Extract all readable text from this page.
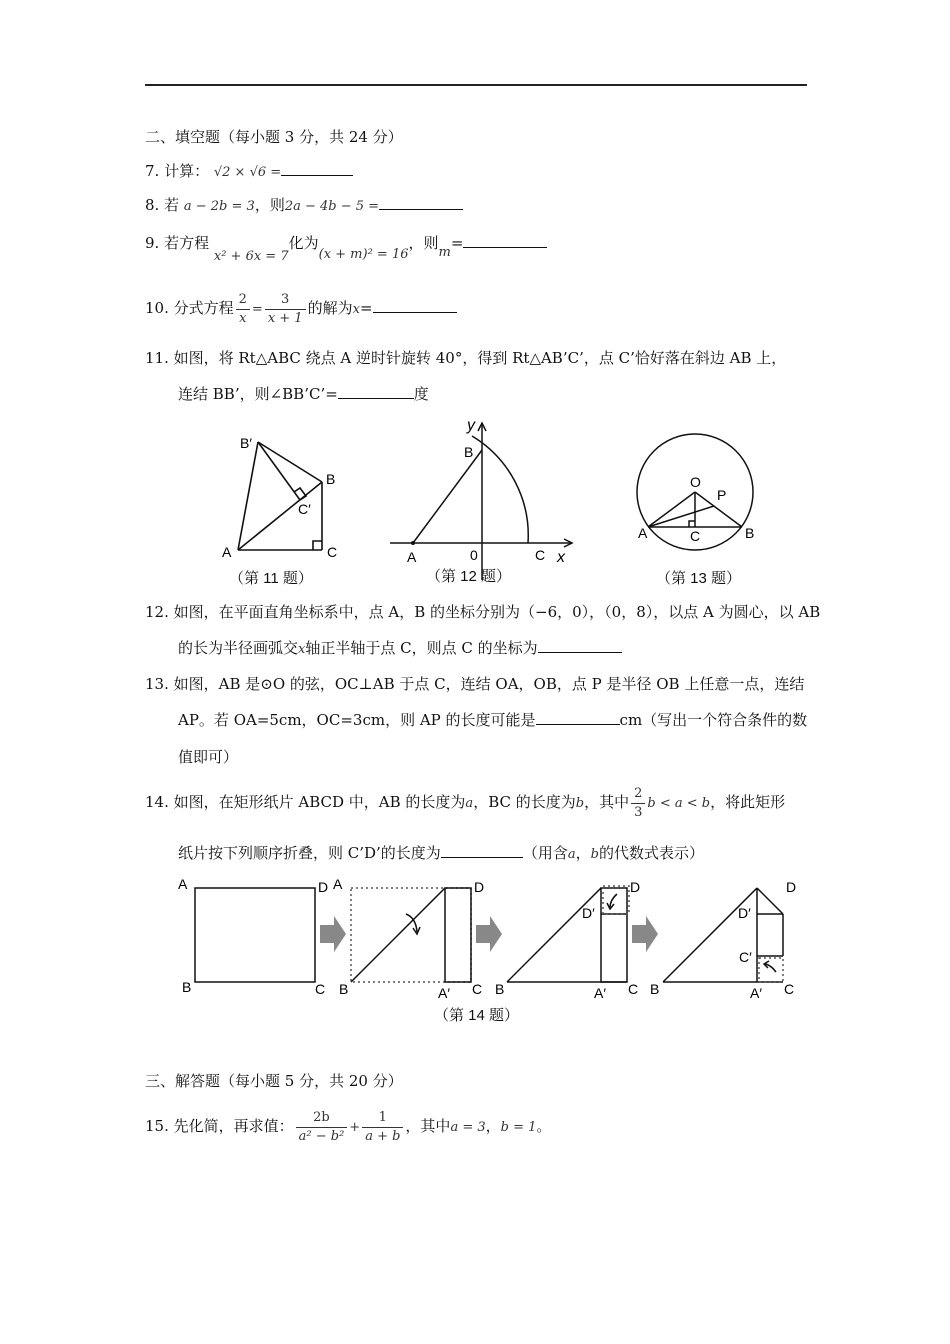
二、填空题（每小题 3 分，共 24 分）
7. 计算： √2 × √6 =
8. 若 a − 2b = 3，则2a − 4b − 5 =
9. 若方程 x² + 6x = 7化为(x + m)² = 16，则m=
10. 分式方程 $\frac{2}{x} = \frac{3}{x + 1}$ 的解为x=
11. 如图，将 Rt△ABC 绕点 A 逆时针旋转 40°，得到 Rt△AB’C’，点 C’恰好落在斜边 AB 上，
连结 BB’，则∠BB’C’=	度
B′
B
C′
A	C
y
B
A	0	C x
O
P
A	C	B
（第 11 题）	（第 12 题）	（第 13 题）
12. 如图，在平面直角坐标系中，点 A，B 的坐标分别为（−6，0），（0，8），以点 A 为圆心，以 AB
的长为半径画弧交x轴正半轴于点 C，则点 C 的坐标为
13. 如图，AB 是⊙O 的弦，OC⊥AB 于点 C，连结 OA，OB，点 P 是半径 OB 上任意一点，连结
AP。若 OA=5cm，OC=3cm，则 AP 的长度可能是	cm（写出一个符合条件的数
值即可）
14. 如图，在矩形纸片 ABCD 中，AB 的长度为a，BC 的长度为b，其中 $\frac{2}{3}$ b < a < b，将此矩形
纸片按下列顺序折叠，则 C’D’的长度为	（用含a，b的代数式表示）
A	D
B	C
A	D
B	A′ C
D
D′
B	A′ C
D
D′
C′
B	A′ C
（第 14 题）
三、解答题（每小题 5 分，共 20 分）
15. 先化简，再求值： $\frac{2b}{\text{a² − b²}} + \frac{1}{a + b}$ ，其中a = 3，b = 1。
